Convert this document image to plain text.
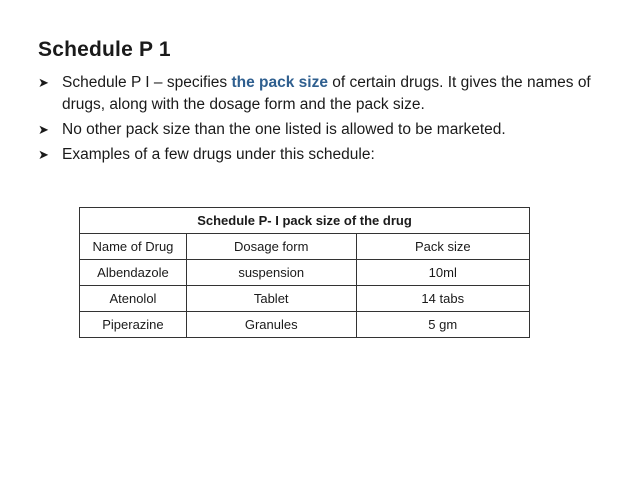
Schedule P 1
➤ Schedule P I – specifies the pack size of certain drugs. It gives the names of drugs, along with the dosage form and the pack size.
➤ No other pack size than the one listed is allowed to be marketed.
➤ Examples of a few drugs under this schedule:
Schedule P- I pack size of the drug		
Name of Drug	Dosage form	Pack size
Albendazole	suspension	10ml
Atenolol	Tablet	14 tabs
Piperazine	Granules	5 gm
